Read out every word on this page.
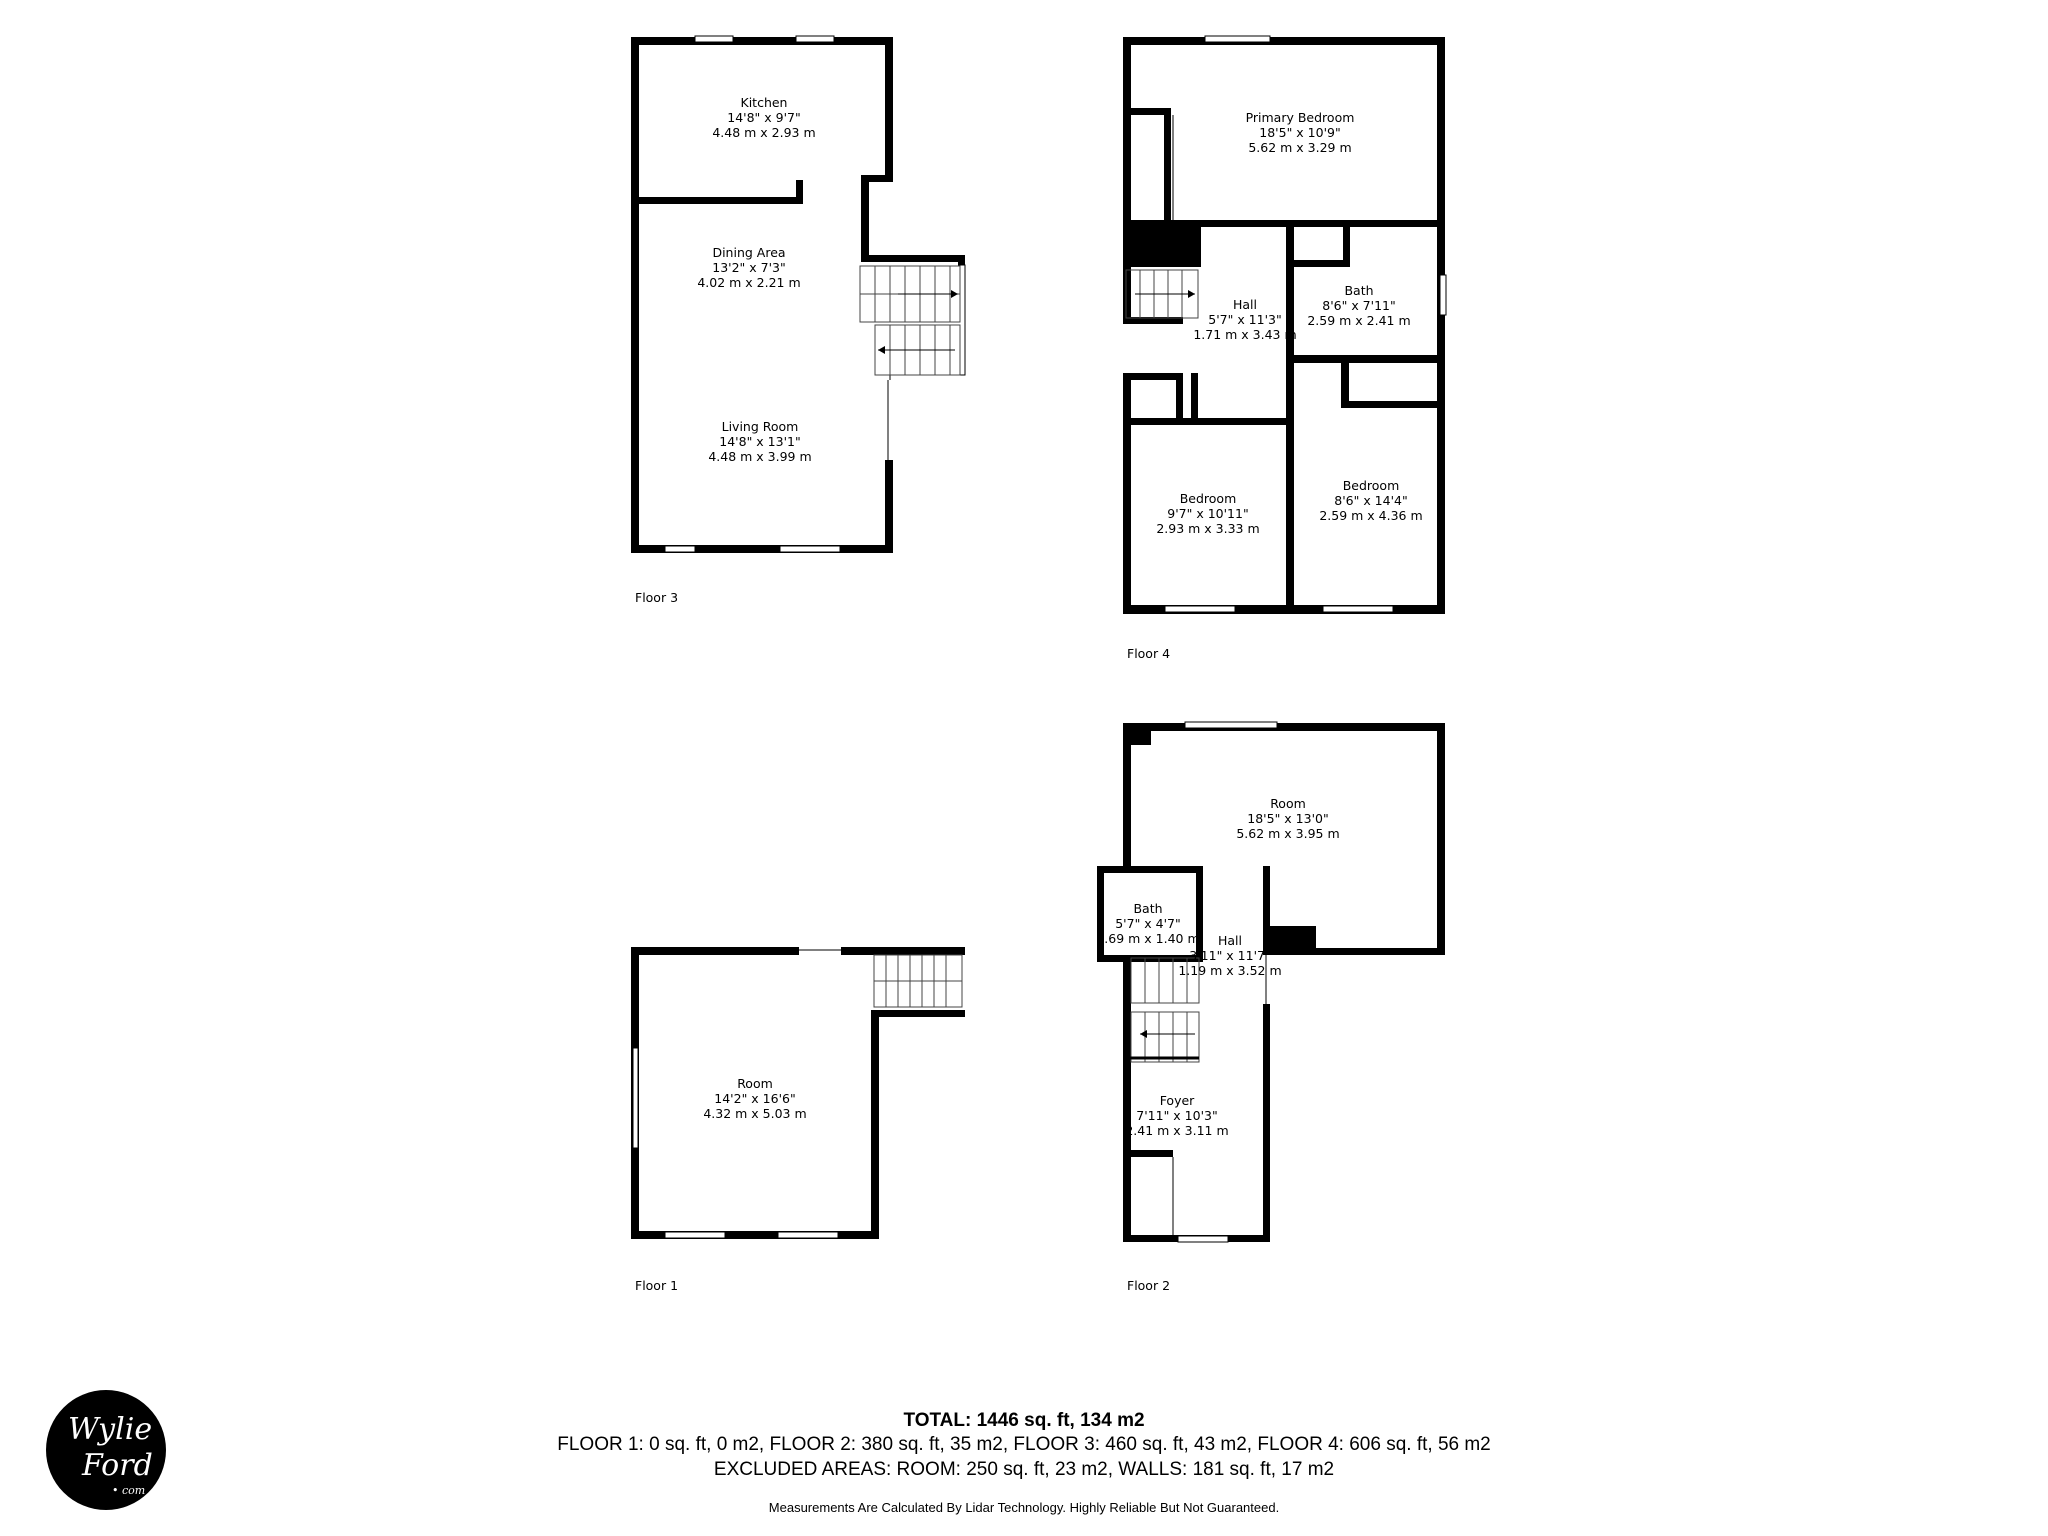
Kitchen
14'8" x 9'7"
4.48 m x 2.93 m
Dining Area
13'2" x 7'3"
4.02 m x 2.21 m
Living Room
14'8" x 13'1"
4.48 m x 3.99 m
Primary Bedroom
18'5" x 10'9"
5.62 m x 3.29 m
Hall
5'7" x 11'3"
1.71 m x 3.43 m
Bath
8'6" x 7'11"
2.59 m x 2.41 m
Bedroom
9'7" x 10'11"
2.93 m x 3.33 m
Bedroom
8'6" x 14'4"
2.59 m x 4.36 m
Room
14'2" x 16'6"
4.32 m x 5.03 m
Room
18'5" x 13'0"
5.62 m x 3.95 m
Bath
5'7" x 4'7"
1.69 m x 1.40 m Hall
3'11" x 11'7"
1.19 m x 3.52 m
Foyer
7'11" x 10'3"
2.41 m x 3.11 m
Floor 3
Floor 4
Floor 1	Floor 2
TOTAL: 1446 sq. ft, 134 m2
FLOOR 1: 0 sq. ft, 0 m2, FLOOR 2: 380 sq. ft, 35 m2, FLOOR 3: 460 sq. ft, 43 m2, FLOOR 4: 606 sq. ft, 56 m2
EXCLUDED AREAS: ROOM: 250 sq. ft, 23 m2, WALLS: 181 sq. ft, 17 m2
Measurements Are Calculated By Lidar Technology. Highly Reliable But Not Guaranteed.
Wylie
Ford
• com
